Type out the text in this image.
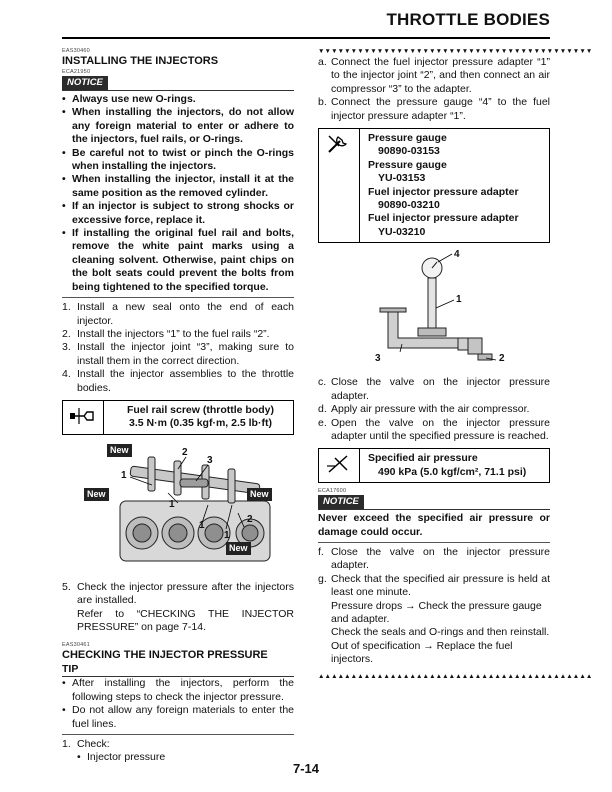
THROTTLE BODIES
EAS30460
INSTALLING THE INJECTORS
ECA21950
NOTICE
• Always use new O-rings.
• When installing the injectors, do not allow any foreign material to enter or adhere to the injectors, fuel rails, or O-rings.
• Be careful not to twist or pinch the O-rings when installing the injectors.
• When installing the injector, install it at the same position as the removed cylinder.
• If an injector is subject to strong shocks or excessive force, replace it.
• If installing the original fuel rail and bolts, remove the white paint marks using a cleaning solvent. Otherwise, paint chips on the bolt seats could prevent the bolts from being tightened to the specified torque.
1. Install a new seal onto the end of each injector.
2. Install the injectors “1” to the fuel rails “2”.
3. Install the injector joint “3”, making sure to install them in the correct direction.
4. Install the injector assemblies to the throttle bodies.
Fuel rail screw (throttle body)
3.5 N·m (0.35 kgf·m, 2.5 lb·ft)
New
New	New
New
1
2
3
1
1
1
2
5. Check the injector pressure after the injectors are installed.
Refer to “CHECKING THE INJECTOR PRESSURE” on page 7-14.
EAS30461
CHECKING THE INJECTOR PRESSURE
TIP
• After installing the injectors, perform the following steps to check the injector pressure.
• Do not allow any foreign materials to enter the fuel lines.
1. Check:
• Injector pressure
▼▼▼▼▼▼▼▼▼▼▼▼▼▼▼▼▼▼▼▼▼▼▼▼▼▼▼▼▼▼▼▼▼▼▼▼▼▼▼▼▼▼
a. Connect the fuel injector pressure adapter “1” to the injector joint “2”, and then connect an air compressor “3” to the adapter.
b. Connect the pressure gauge “4” to the fuel injector pressure adapter “1”.
Pressure gauge
90890-03153
Pressure gauge
YU-03153
Fuel injector pressure adapter
90890-03210
Fuel injector pressure adapter
YU-03210
4
1
3	2
c. Close the valve on the injector pressure adapter.
d. Apply air pressure with the air compressor.
e. Open the valve on the injector pressure adapter until the specified pressure is reached.
Specified air pressure
490 kPa (5.0 kgf/cm², 71.1 psi)
ECA17600
NOTICE
Never exceed the specified air pressure or damage could occur.
f. Close the valve on the injector pressure adapter.
g. Check that the specified air pressure is held at least one minute.
Pressure drops → Check the pressure gauge and adapter.
Check the seals and O-rings and then reinstall.
Out of specification → Replace the fuel injectors.
▲▲▲▲▲▲▲▲▲▲▲▲▲▲▲▲▲▲▲▲▲▲▲▲▲▲▲▲▲▲▲▲▲▲▲▲▲▲▲▲▲▲
7-14
